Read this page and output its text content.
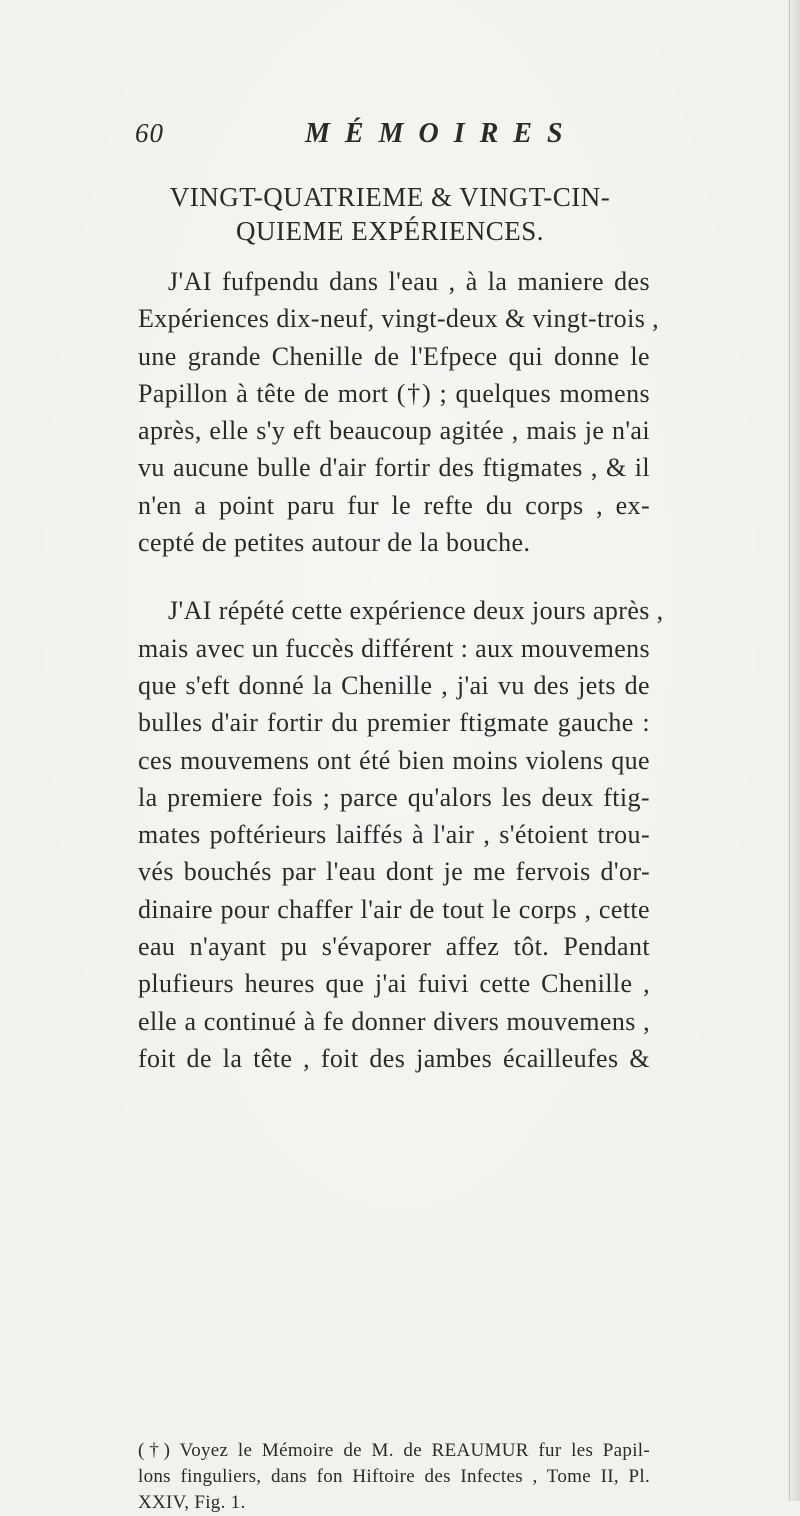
60	MÉMOIRES
VINGT-QUATRIEME & VINGT-CIN-
QUIEME EXPÉRIENCES.
J'AI fufpendu dans l'eau , à la maniere des
Expériences dix-neuf, vingt-deux & vingt-trois ,
une grande Chenille de l'Efpece qui donne le
Papillon à tête de mort (†) ; quelques momens
après, elle s'y eft beaucoup agitée , mais je n'ai
vu aucune bulle d'air fortir des ftigmates , & il
n'en a point paru fur le refte du corps , ex-
cepté de petites autour de la bouche.
J'AI répété cette expérience deux jours après ,
mais avec un fuccès différent : aux mouvemens
que s'eft donné la Chenille , j'ai vu des jets de
bulles d'air fortir du premier ftigmate gauche :
ces mouvemens ont été bien moins violens que
la premiere fois ; parce qu'alors les deux ftig-
mates poftérieurs laiffés à l'air , s'étoient trou-
vés bouchés par l'eau dont je me fervois d'or-
dinaire pour chaffer l'air de tout le corps , cette
eau n'ayant pu s'évaporer affez tôt. Pendant
plufieurs heures que j'ai fuivi cette Chenille ,
elle a continué à fe donner divers mouvemens ,
foit de la tête , foit des jambes écailleufes &
(†) Voyez le Mémoire de M. de REAUMUR fur les Papil-
lons finguliers, dans fon Hiftoire des Infectes , Tome II, Pl.
XXIV, Fig. 1.
